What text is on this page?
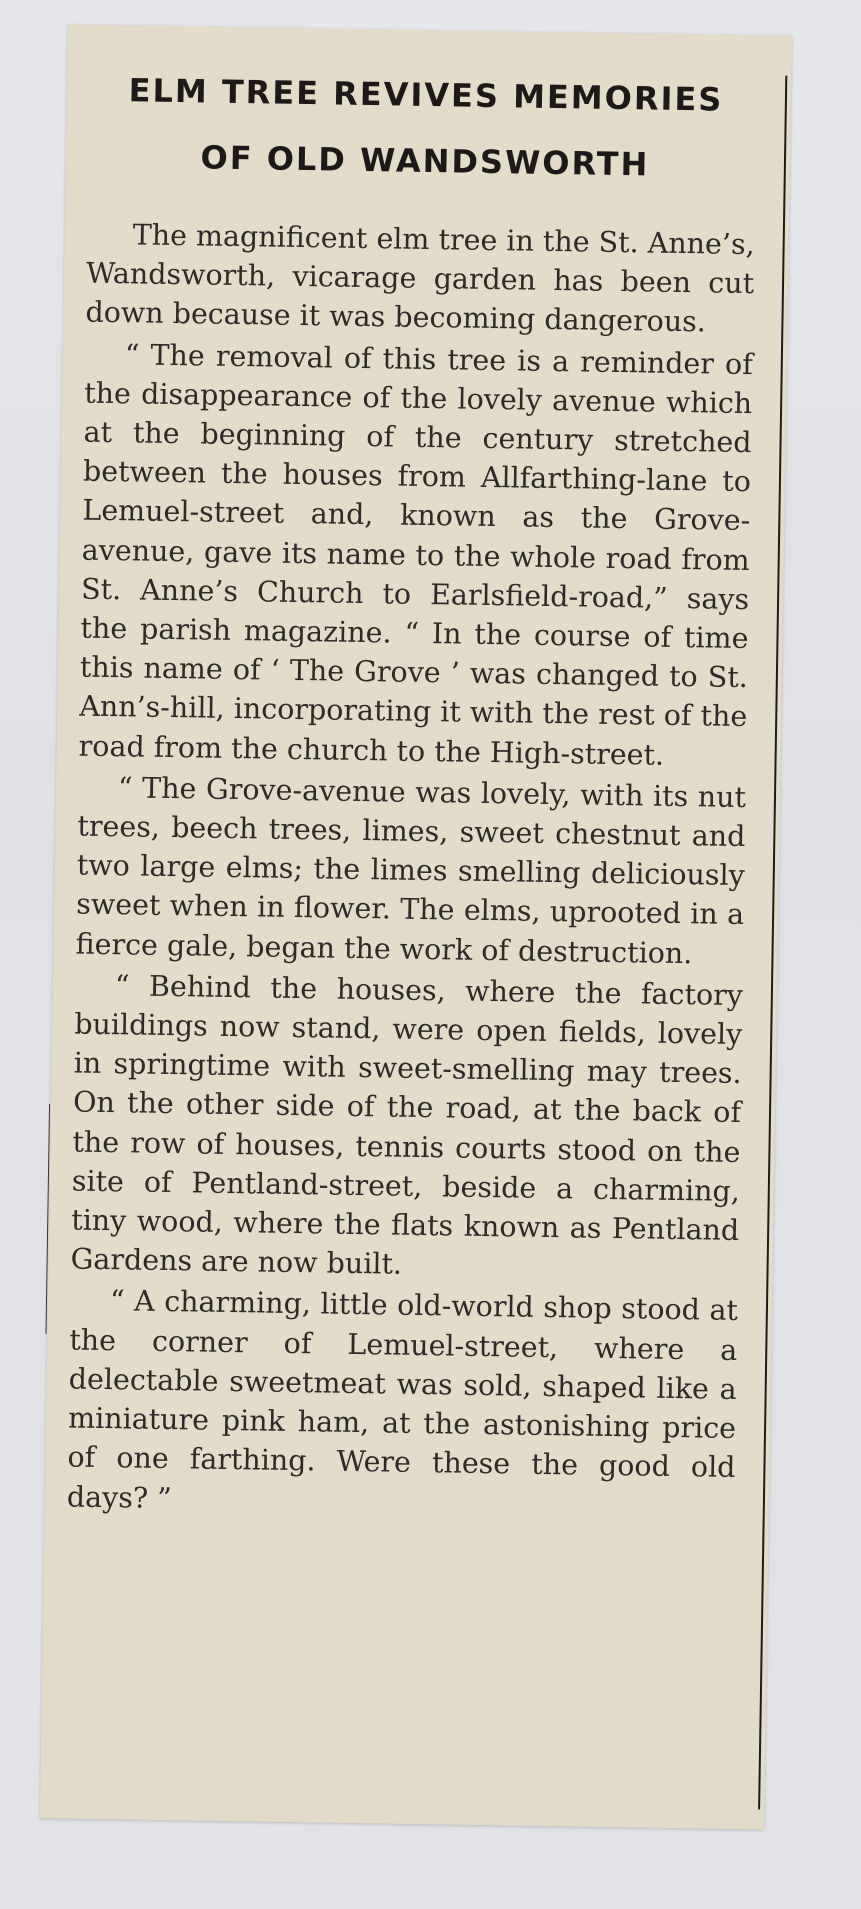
ELM TREE REVIVES MEMORIES
OF OLD WANDSWORTH

The magnificent elm tree in the St. Anne’s, Wandsworth, vicarage garden has been cut down because it was becoming dangerous.

“ The removal of this tree is a reminder of the disappearance of the lovely avenue which at the beginning of the century stretched between the houses from Allfarthing-lane to Lemuel-street and, known as the Grove-avenue, gave its name to the whole road from St. Anne’s Church to Earlsfield-road,” says the parish magazine. “ In the course of time this name of ‘ The Grove ’ was changed to St. Ann’s-hill, incorporating it with the rest of the road from the church to the High-street.

“ The Grove-avenue was lovely, with its nut trees, beech trees, limes, sweet chestnut and two large elms; the limes smelling deliciously sweet when in flower. The elms, uprooted in a fierce gale, began the work of destruction.

“ Behind the houses, where the factory buildings now stand, were open fields, lovely in springtime with sweet-smelling may trees. On the other side of the road, at the back of the row of houses, tennis courts stood on the site of Pentland-street, beside a charming, tiny wood, where the flats known as Pentland Gardens are now built.

“ A charming, little old-world shop stood at the corner of Lemuel-street, where a delectable sweetmeat was sold, shaped like a miniature pink ham, at the astonishing price of one farthing. Were these the good old days? ”
